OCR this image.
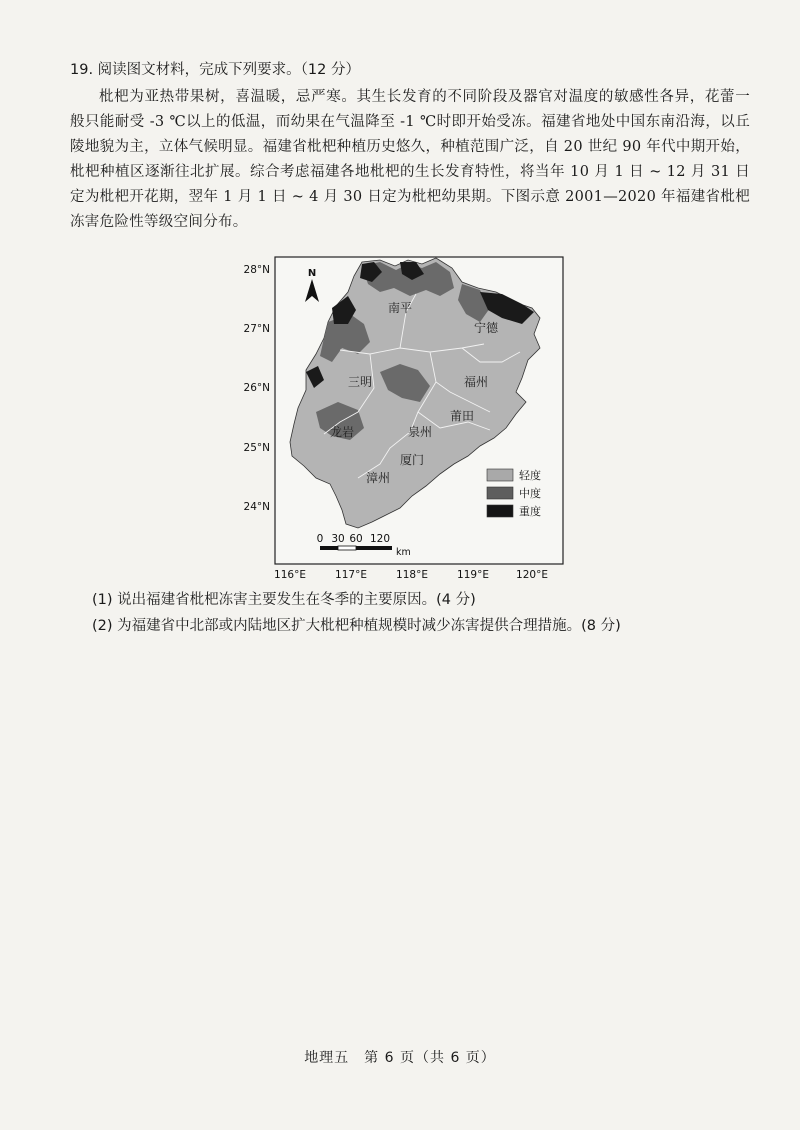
19. 阅读图文材料，完成下列要求。（12 分）
枇杷为亚热带果树，喜温暖，忌严寒。其生长发育的不同阶段及器官对温度的敏感性各异，花蕾一般只能耐受 -3 ℃以上的低温，而幼果在气温降至 -1 ℃时即开始受冻。福建省地处中国东南沿海，以丘陵地貌为主，立体气候明显。福建省枇杷种植历史悠久，种植范围广泛，自 20 世纪 90 年代中期开始，枇杷种植区逐渐往北扩展。综合考虑福建各地枇杷的生长发育特性，将当年 10 月 1 日 ~ 12 月 31 日定为枇杷开花期，翌年 1 月 1 日 ~ 4 月 30 日定为枇杷幼果期。下图示意 2001—2020 年福建省枇杷冻害危险性等级空间分布。
28°N
27°N
26°N
25°N
24°N
116°E	117°E	118°E	119°E	120°E
N
南平
宁德
三明	福州
莆田
龙岩	泉州
厦门
漳州	轻度
中度
重度
0 30 60 120
km
(1) 说出福建省枇杷冻害主要发生在冬季的主要原因。(4 分)
(2) 为福建省中北部或内陆地区扩大枇杷种植规模时减少冻害提供合理措施。(8 分)
地理五　第 6 页（共 6 页）
